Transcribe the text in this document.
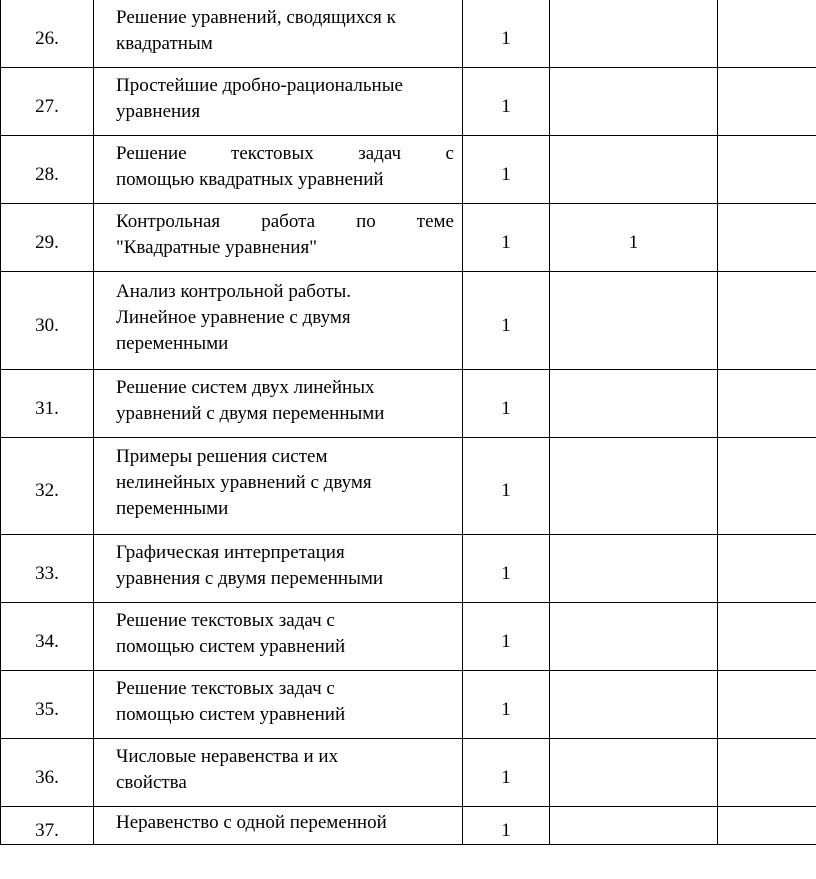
26.	Решение уравнений, сводящихся к
квадратным	1		
27.	Простейшие дробно-рациональные
уравнения	1		
28.	Решение текстовых задач с
помощью квадратных уравнений	1		
29.	Контрольная работа по теме
"Квадратные уравнения"	1	1	
30.	Анализ контрольной работы.
Линейное уравнение с двумя
переменными	1		
31.	Решение систем двух линейных
уравнений с двумя переменными	1		
32.	Примеры решения систем
нелинейных уравнений с двумя
переменными	1		
33.	Графическая интерпретация
уравнения с двумя переменными	1		
34.	Решение текстовых задач с
помощью систем уравнений	1		
35.	Решение текстовых задач с
помощью систем уравнений	1		
36.	Числовые неравенства и их
свойства	1		
37.	Неравенство с одной переменной	1		
